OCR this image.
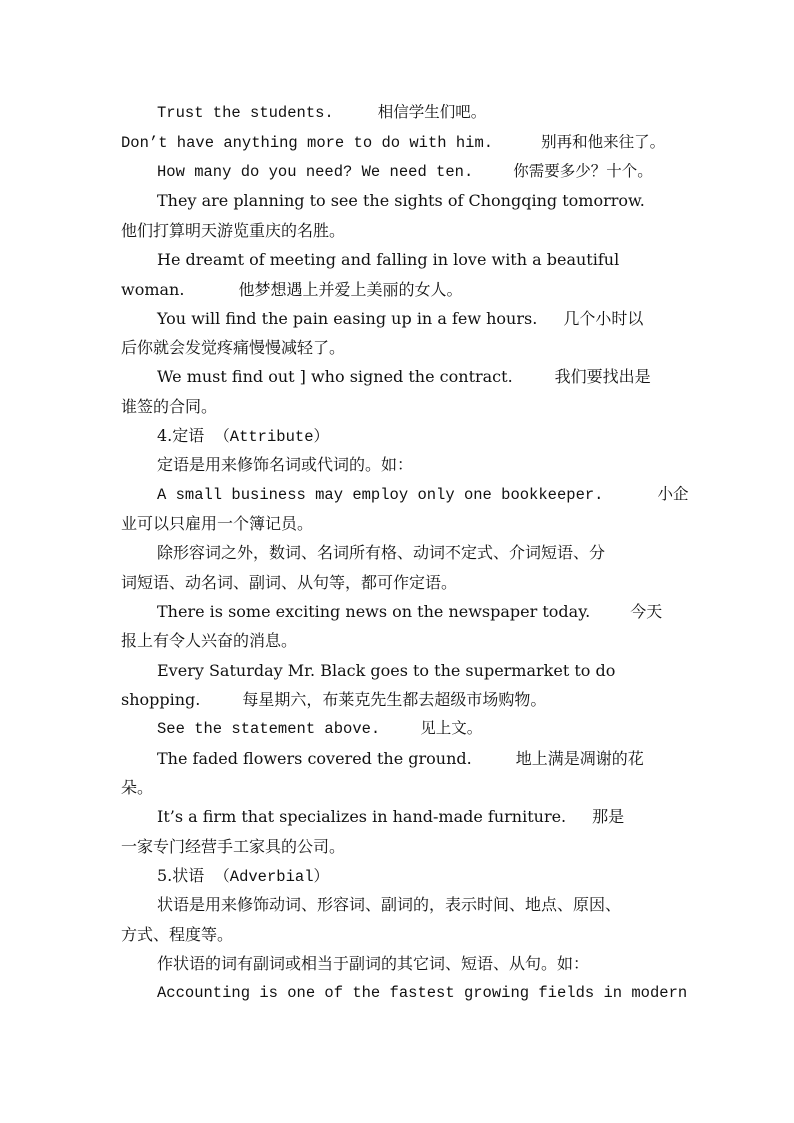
Trust the students.	相信学生们吧。
Don’t have anything more to do with him.	别再和他来往了。
How many do you need? We need ten.	你需要多少？十个。
They are planning to see the sights of Chongqing tomorrow.
他们打算明天游览重庆的名胜。
He dreamt of meeting and falling in love with a beautiful
woman.	他梦想遇上并爱上美丽的女人。
You will find the pain easing up in a few hours. 几个小时以
后你就会发觉疼痛慢慢减轻了。
We must find out ] who signed the contract.	我们要找出是
谁签的合同。
4.定语 （Attribute）
定语是用来修饰名词或代词的。如：
A small business may employ only one bookkeeper.	小企
业可以只雇用一个簿记员。
除形容词之外，数词、名词所有格、动词不定式、介词短语、分
词短语、动名词、副词、从句等，都可作定语。
There is some exciting news on the newspaper today.	今天
报上有令人兴奋的消息。
Every Saturday Mr. Black goes to the supermarket to do
shopping.	每星期六，布莱克先生都去超级市场购物。
See the statement above.	见上文。
The faded flowers covered the ground.	地上满是凋谢的花
朵。
It’s a firm that specializes in hand-made furniture. 那是
一家专门经营手工家具的公司。
5.状语 （Adverbial）
状语是用来修饰动词、形容词、副词的，表示时间、地点、原因、
方式、程度等。
作状语的词有副词或相当于副词的其它词、短语、从句。如：
Accounting is one of the fastest growing fields in modern
